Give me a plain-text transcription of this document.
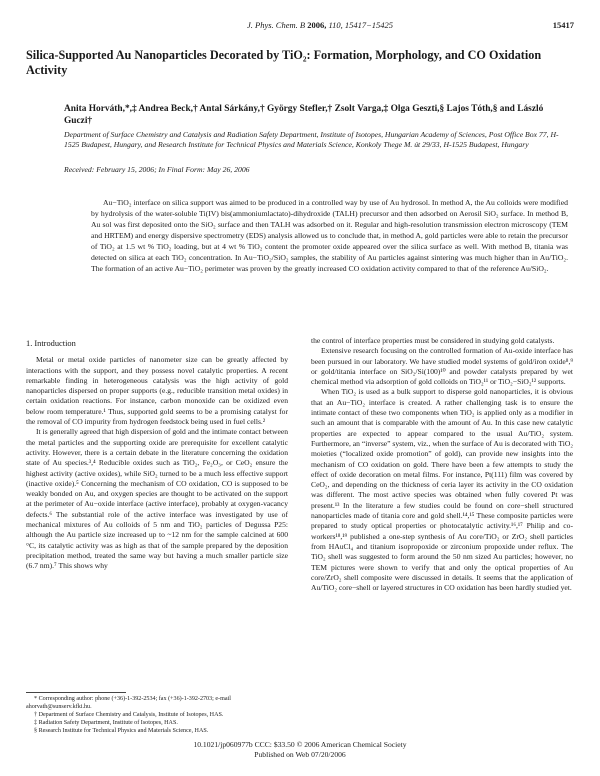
J. Phys. Chem. B 2006, 110, 15417−15425	15417
Silica-Supported Au Nanoparticles Decorated by TiO₂: Formation, Morphology, and CO Oxidation Activity
Anita Horváth,*,‡ Andrea Beck,† Antal Sárkány,† György Stefler,† Zsolt Varga,‡ Olga Geszti,§ Lajos Tóth,§ and László Guczi†
Department of Surface Chemistry and Catalysis and Radiation Safety Department, Institute of Isotopes, Hungarian Academy of Sciences, Post Office Box 77, H-1525 Budapest, Hungary, and Research Institute for Technical Physics and Materials Science, Konkoly Thege M. út 29/33, H-1525 Budapest, Hungary
Received: February 15, 2006; In Final Form: May 26, 2006

Au−TiO₂ interface on silica support was aimed to be produced in a controlled way by use of Au hydrosol. In method A, the Au colloids were modified by hydrolysis of the water-soluble Ti(IV) bis(ammoniumlactato)-dihydroxide (TALH) precursor and then adsorbed on Aerosil SiO₂ surface. In method B, Au sol was first deposited onto the SiO₂ surface and then TALH was adsorbed on it. Regular and high-resolution transmission electron microscopy (TEM and HRTEM) and energy dispersive spectrometry (EDS) analysis allowed us to conclude that, in method A, gold particles were able to retain the precursor of TiO₂ at 1.5 wt % TiO₂ loading, but at 4 wt % TiO₂ content the promoter oxide appeared over the silica surface as well. With method B, titania was detected on silica at each TiO₂ concentration. In Au−TiO₂/SiO₂ samples, the stability of Au particles against sintering was much higher than in Au/TiO₂. The formation of an active Au−TiO₂ perimeter was proven by the greatly increased CO oxidation activity compared to that of the reference Au/SiO₂.

1. Introduction

Metal or metal oxide particles of nanometer size can be greatly affected by interactions with the support, and they possess novel catalytic properties. A recent remarkable finding in heterogeneous catalysis was the high activity of gold nanoparticles dispersed on proper supports (e.g., reducible transition metal oxides) in certain oxidation reactions. For instance, carbon monoxide can be oxidized even below room temperature.¹ Thus, supported gold seems to be a promising catalyst for the removal of CO impurity from hydrogen feedstock being used in fuel cells.²

It is generally agreed that high dispersion of gold and the intimate contact between the metal particles and the supporting oxide are prerequisite for excellent catalytic activity. However, there is a certain debate in the literature concerning the oxidation state of Au species.³,⁴ Reducible oxides such as TiO₂, Fe₂O₃, or CeO₂ ensure the highest activity (active oxides), while SiO₂ turned to be a much less effective support (inactive oxide).⁵ Concerning the mechanism of CO oxidation, CO is supposed to be weakly bonded on Au, and oxygen species are thought to be activated on the support at the perimeter of Au−oxide interface (active interface), probably at oxygen-vacancy defects.⁶ The substantial role of the active interface was investigated by use of mechanical mixtures of Au colloids of 5 nm and TiO₂ particles of Degussa P25: although the Au particle size increased up to ~12 nm for the sample calcined at 600 °C, its catalytic activity was as high as that of the sample prepared by the deposition precipitation method, treated the same way but having a much smaller particle size (6.7 nm).⁷ This shows why

the control of interface properties must be considered in studying gold catalysts.

Extensive research focusing on the controlled formation of Au-oxide interface has been pursued in our laboratory. We have studied model systems of gold/iron oxide⁸,⁹ or gold/titania interface on SiO₂/Si(100)¹⁰ and powder catalysts prepared by wet chemical method via adsorption of gold colloids on TiO₂¹¹ or TiO₂−SiO₂¹² supports.

When TiO₂ is used as a bulk support to disperse gold nanoparticles, it is obvious that an Au−TiO₂ interface is created. A rather challenging task is to ensure the intimate contact of these two components when TiO₂ is applied only as a modifier in such an amount that is comparable with the amount of Au. In this case new catalytic properties are expected to appear compared to the usual Au/TiO₂ system. Furthermore, an “inverse” system, viz., when the surface of Au is decorated with TiO₂ moieties (“localized oxide promotion” of gold), can provide new insights into the mechanism of CO oxidation on gold. There have been a few attempts to study the effect of oxide decoration on metal films. For instance, Pt(111) film was covered by CeO₂, and depending on the thickness of ceria layer its activity in the CO oxidation was different. The most active species was obtained when fully covered Pt was present.¹³ In the literature a few studies could be found on core−shell structured nanoparticles made of titania core and gold shell.¹⁴,¹⁵ These composite particles were prepared to study optical properties or photocatalytic activity.¹⁶,¹⁷ Philip and co-workers¹⁸,¹⁹ published a one-step synthesis of Au core/TiO₂ or ZrO₂ shell particles from HAuCl₄ and titanium isopropoxide or zirconium propoxide under reflux. The TiO₂ shell was suggested to form around the 50 nm sized Au particles; however, no TEM pictures were shown to verify that and only the optical properties of Au core/ZrO₂ shell composite were discussed in details. It seems that the application of Au/TiO₂ core−shell or layered structures in CO oxidation has been hardly studied yet.

* Corresponding author: phone (+36)-1-392-2534; fax (+36)-1-392-2703; e-mail ahorvath@sunserv.kfki.hu.

† Department of Surface Chemistry and Catalysis, Institute of Isotopes, HAS.

‡ Radiation Safety Department, Institute of Isotopes, HAS.

§ Research Institute for Technical Physics and Materials Science, HAS.

10.1021/jp060977b CCC: $33.50 © 2006 American Chemical Society
Published on Web 07/20/2006
